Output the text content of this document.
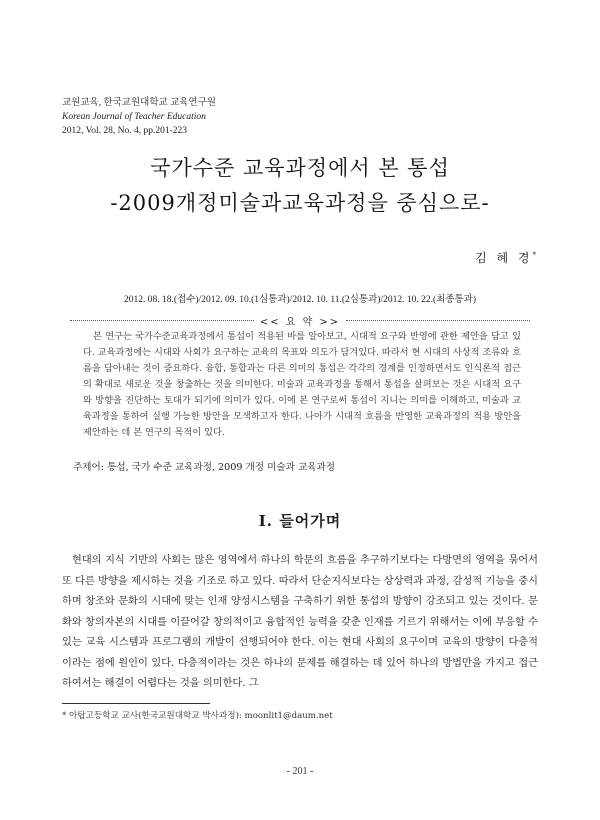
교원교육, 한국교원대학교 교육연구원
Korean Journal of Teacher Education
2012, Vol. 28, No. 4, pp.201-223
국가수준 교육과정에서 본 통섭
-2009개정미술과교육과정을 중심으로-
김 혜 경*
2012. 08. 18.(접수)/2012. 09. 10.(1심통과)/2012. 10. 11.(2심통과)/2012. 10. 22.(최종통과)
<< 요 약 >>
본 연구는 국가수준교육과정에서 통섭이 적용된 바를 알아보고, 시대적 요구와 반영에 관한 제안을 담고 있다. 교육과정에는 시대와 사회가 요구하는 교육의 목표와 의도가 담겨있다. 따라서 현 시대의 사상적 조류와 흐름을 담아내는 것이 중요하다. 융합, 통합과는 다른 의미의 통섭은 각각의 경계를 인정하면서도 인식론적 접근의 확대로 새로운 것을 창출하는 것을 의미한다. 미술과 교육과정을 통해서 통섭을 살펴보는 것은 시대적 요구와 방향을 진단하는 토대가 되기에 의미가 있다. 이에 본 연구로써 통섭이 지니는 의미를 이해하고, 미술과 교육과정을 통하여 실행 가능한 방안을 모색하고자 한다. 나아가 시대적 흐름을 반영한 교육과정의 적용 방안을 제안하는 데 본 연구의 목적이 있다.
주제어: 통섭, 국가 수준 교육과정, 2009 개정 미술과 교육과정
Ⅰ. 들어가며
현대의 지식 기반의 사회는 많은 영역에서 하나의 학문의 흐름을 추구하기보다는 다방면의 영역을 묶어서 또 다른 방향을 제시하는 것을 기조로 하고 있다. 따라서 단순지식보다는 상상력과 과정, 감성적 기능을 중시하며 창조와 문화의 시대에 맞는 인재 양성시스템을 구축하기 위한 통섭의 방향이 강조되고 있는 것이다. 문화와 창의자본의 시대를 이끌어갈 창의적이고 융합적인 능력을 갖춘 인재를 기르기 위해서는 이에 부응할 수 있는 교육 시스템과 프로그램의 개발이 선행되어야 한다. 이는 현대 사회의 요구이며 교육의 방향이 다층적이라는 점에 원인이 있다. 다층적이라는 것은 하나의 문제를 해결하는 데 있어 하나의 방법만을 가지고 접근하여서는 해결이 어렵다는 것을 의미한다. 그
* 아탑고등학교 교사(한국교원대학교 박사과정): moonlit1@daum.net
- 201 -
